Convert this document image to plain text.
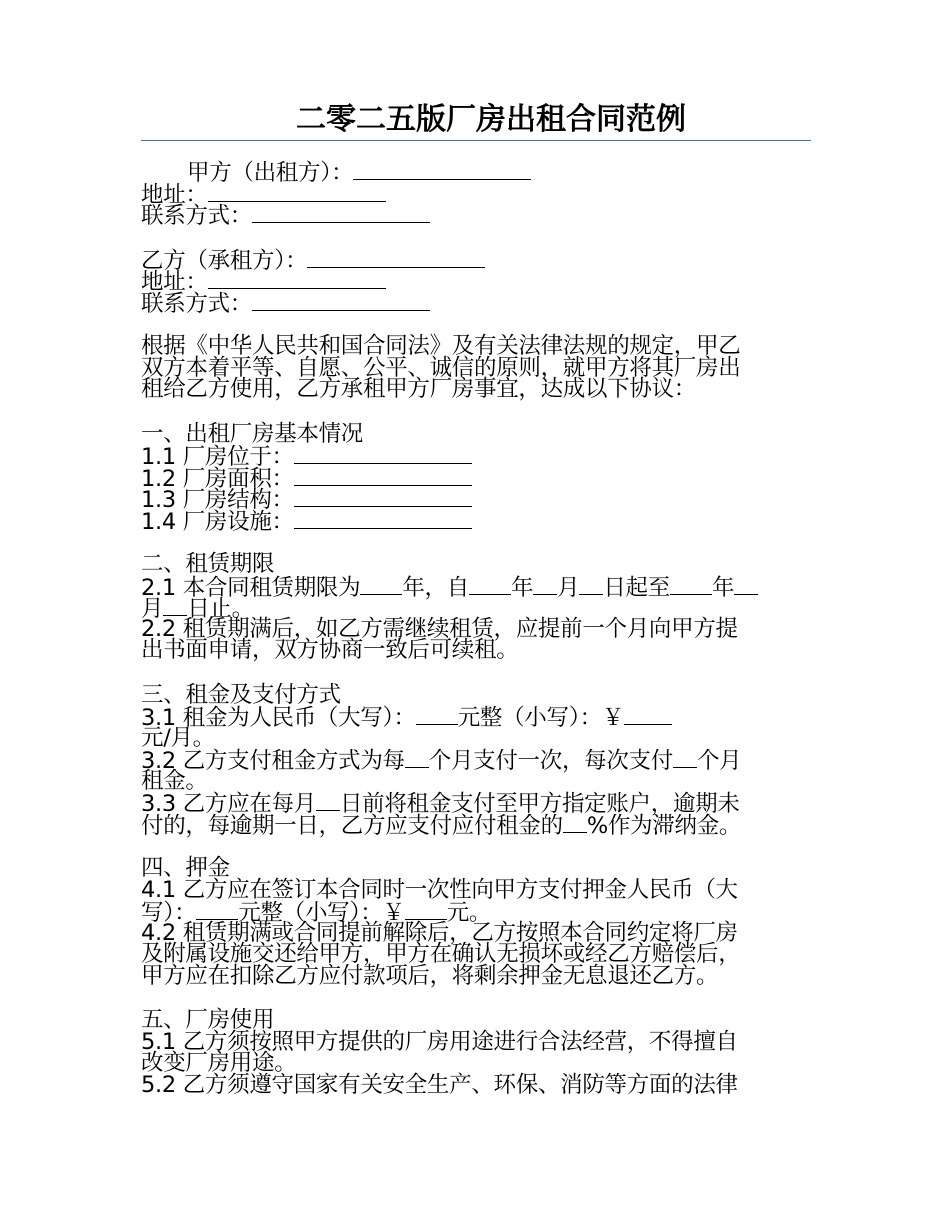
二零二五版厂房出租合同范例
甲方（出租方）：
地址：
联系方式：
乙方（承租方）：
地址：
联系方式：
根据《中华人民共和国合同法》及有关法律法规的规定，甲乙
双方本着平等、自愿、公平、诚信的原则，就甲方将其厂房出
租给乙方使用，乙方承租甲方厂房事宜，达成以下协议：
一、出租厂房基本情况
1.1 厂房位于：
1.2 厂房面积：
1.3 厂房结构：
1.4 厂房设施：
二、租赁期限
2.1 本合同租赁期限为 年，自 年 月 日起至 年
月 日止。
2.2 租赁期满后，如乙方需继续租赁，应提前一个月向甲方提
出书面申请，双方协商一致后可续租。
三、租金及支付方式
3.1 租金为人民币（大写）： 元整（小写）：￥
元/月。
3.2 乙方支付租金方式为每 个月支付一次，每次支付 个月
租金。
3.3 乙方应在每月 日前将租金支付至甲方指定账户，逾期未
付的，每逾期一日，乙方应支付应付租金的 %作为滞纳金。
四、押金
4.1 乙方应在签订本合同时一次性向甲方支付押金人民币（大
写）： 元整（小写）：￥ 元。
4.2 租赁期满或合同提前解除后，乙方按照本合同约定将厂房
及附属设施交还给甲方，甲方在确认无损坏或经乙方赔偿后，
甲方应在扣除乙方应付款项后，将剩余押金无息退还乙方。
五、厂房使用
5.1 乙方须按照甲方提供的厂房用途进行合法经营，不得擅自
改变厂房用途。
5.2 乙方须遵守国家有关安全生产、环保、消防等方面的法律
